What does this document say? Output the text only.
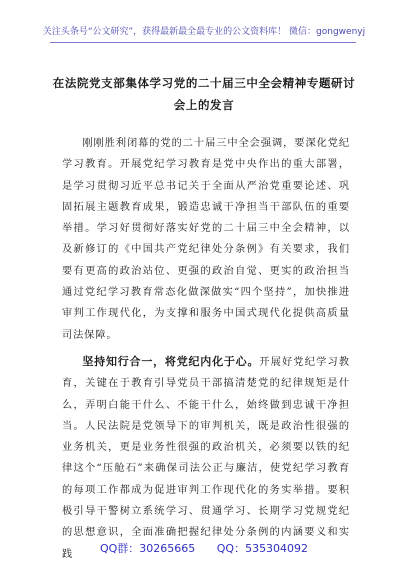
关注头条号“公文研究”，获得最新最全最专业的公文资料库！ 微信：gongwenyj
在法院党支部集体学习党的二十届三中全会精神专题研讨
会上的发言

刚刚胜利闭幕的党的二十届三中全会强调，要深化党纪学习教育。开展党纪学习教育是党中央作出的重大部署，是学习贯彻习近平总书记关于全面从严治党重要论述、巩固拓展主题教育成果，锻造忠诚干净担当干部队伍的重要举措。学习好贯彻好落实好党的二十届三中全会精神，以及新修订的《中国共产党纪律处分条例》有关要求，我们要有更高的政治站位、更强的政治自觉、更实的政治担当通过党纪学习教育常态化做深做实“四个坚持”，加快推进审判工作现代化，为支撑和服务中国式现代化提供高质量司法保障。

坚持知行合一，将党纪内化于心。开展好党纪学习教育，关键在于教育引导党员干部搞清楚党的纪律规矩是什么，弄明白能干什么、不能干什么，始终做到忠诚干净担当。人民法院是党领导下的审判机关，既是政治性很强的业务机关，更是业务性很强的政治机关，必须要以铁的纪律这个“压舱石”来确保司法公正与廉洁，使党纪学习教育的每项工作都成为促进审判工作现代化的务实举措。要积极引导干警树立系统学习、贯通学习、长期学习党规党纪的思想意识，全面准确把握纪律处分条例的内涵要义和实践	QQ群：30265665 QQ：535304092
